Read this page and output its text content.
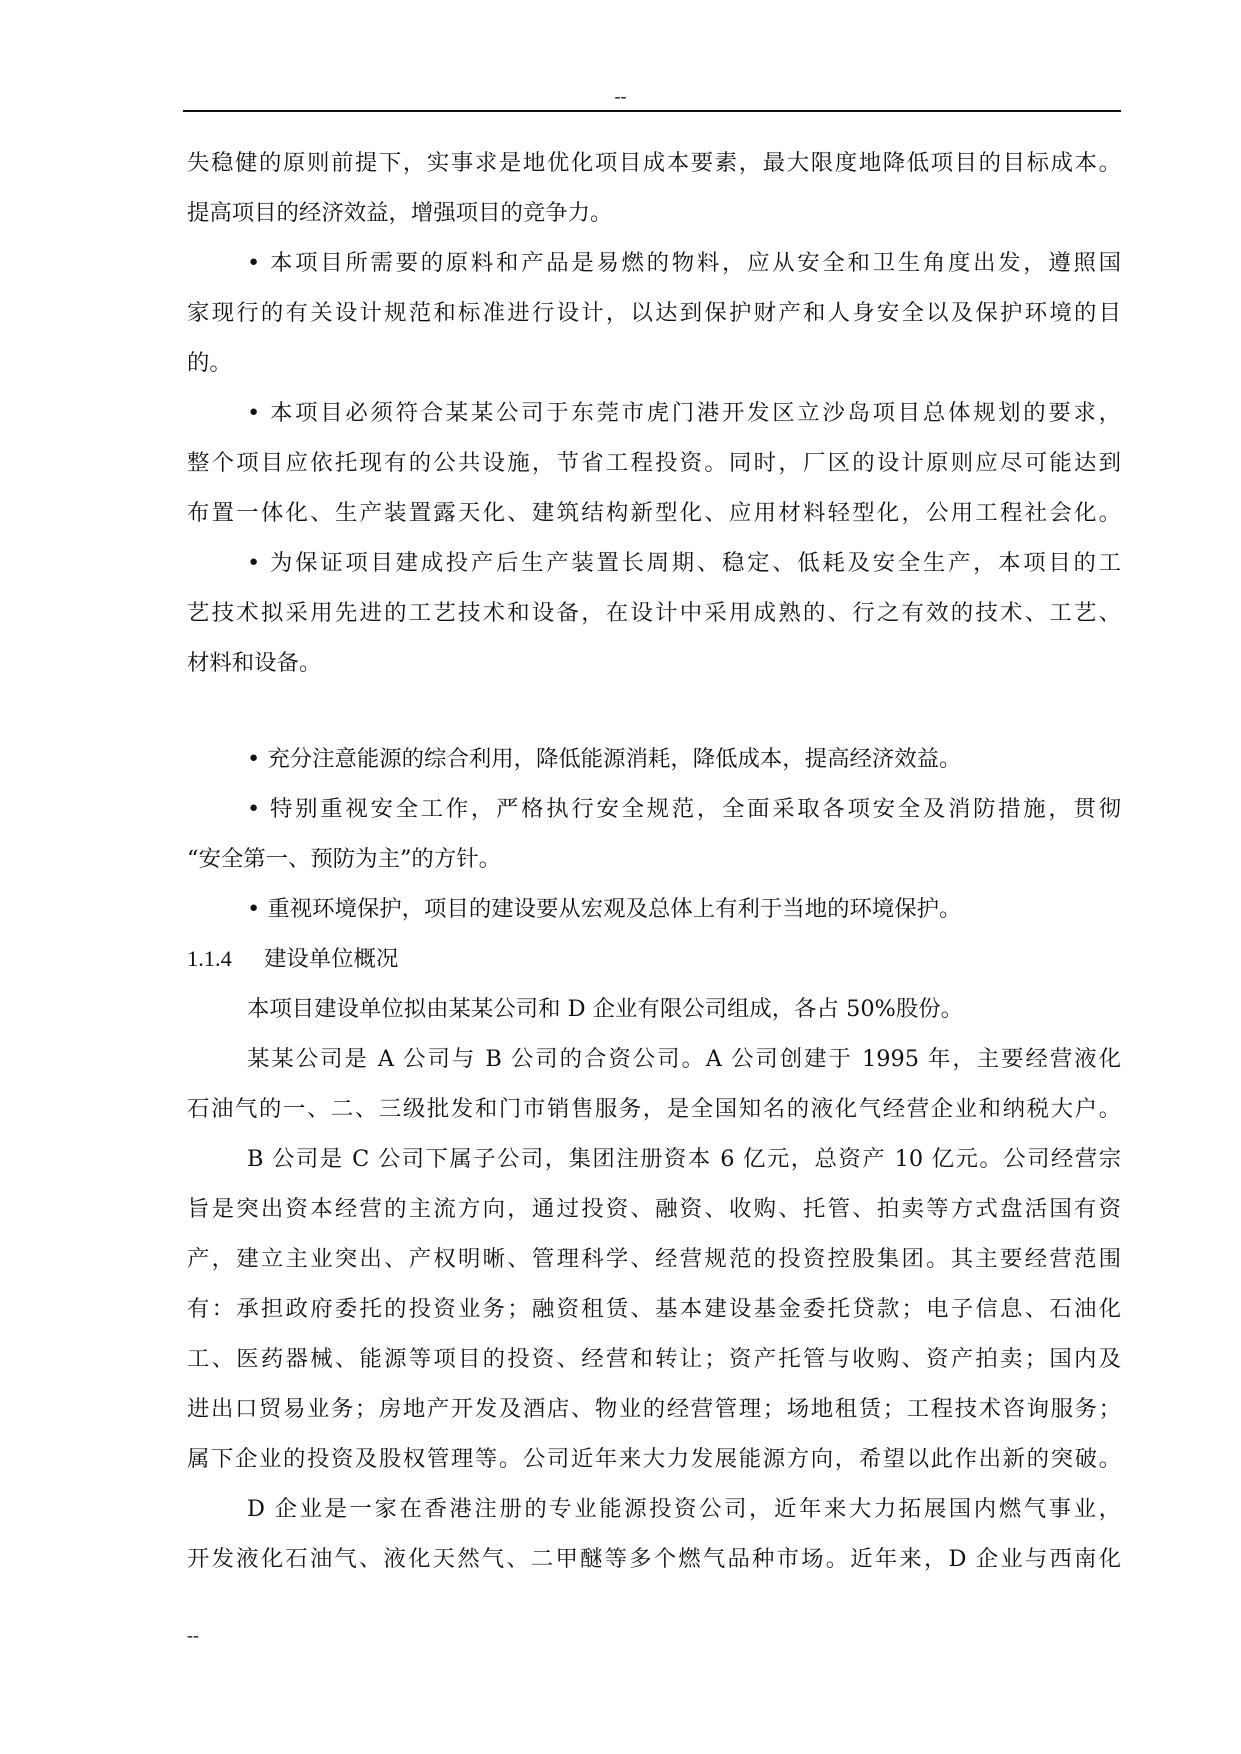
--
失稳健的原则前提下，实事求是地优化项目成本要素，最大限度地降低项目的目标成本。
提高项目的经济效益，增强项目的竞争力。
• 本项目所需要的原料和产品是易燃的物料，应从安全和卫生角度出发，遵照国
家现行的有关设计规范和标准进行设计，以达到保护财产和人身安全以及保护环境的目
的。
• 本项目必须符合某某公司于东莞市虎门港开发区立沙岛项目总体规划的要求，
整个项目应依托现有的公共设施，节省工程投资。同时，厂区的设计原则应尽可能达到
布置一体化、生产装置露天化、建筑结构新型化、应用材料轻型化，公用工程社会化。
• 为保证项目建成投产后生产装置长周期、稳定、低耗及安全生产，本项目的工
艺技术拟采用先进的工艺技术和设备，在设计中采用成熟的、行之有效的技术、工艺、
材料和设备。
• 充分注意能源的综合利用，降低能源消耗，降低成本，提高经济效益。
• 特别重视安全工作，严格执行安全规范，全面采取各项安全及消防措施，贯彻
“安全第一、预防为主”的方针。
• 重视环境保护，项目的建设要从宏观及总体上有利于当地的环境保护。
1.1.4 建设单位概况
本项目建设单位拟由某某公司和 D 企业有限公司组成，各占 50%股份。
某某公司是 A 公司与 B 公司的合资公司。A 公司创建于 1995 年，主要经营液化
石油气的一、二、三级批发和门市销售服务，是全国知名的液化气经营企业和纳税大户。
B 公司是 C 公司下属子公司，集团注册资本 6 亿元，总资产 10 亿元。公司经营宗
旨是突出资本经营的主流方向，通过投资、融资、收购、托管、拍卖等方式盘活国有资
产，建立主业突出、产权明晰、管理科学、经营规范的投资控股集团。其主要经营范围
有：承担政府委托的投资业务；融资租赁、基本建设基金委托贷款；电子信息、石油化
工、医药器械、能源等项目的投资、经营和转让；资产托管与收购、资产拍卖；国内及
进出口贸易业务；房地产开发及酒店、物业的经营管理；场地租赁；工程技术咨询服务；
属下企业的投资及股权管理等。公司近年来大力发展能源方向，希望以此作出新的突破。
D 企业是一家在香港注册的专业能源投资公司，近年来大力拓展国内燃气事业，
开发液化石油气、液化天然气、二甲醚等多个燃气品种市场。近年来，D 企业与西南化
--
